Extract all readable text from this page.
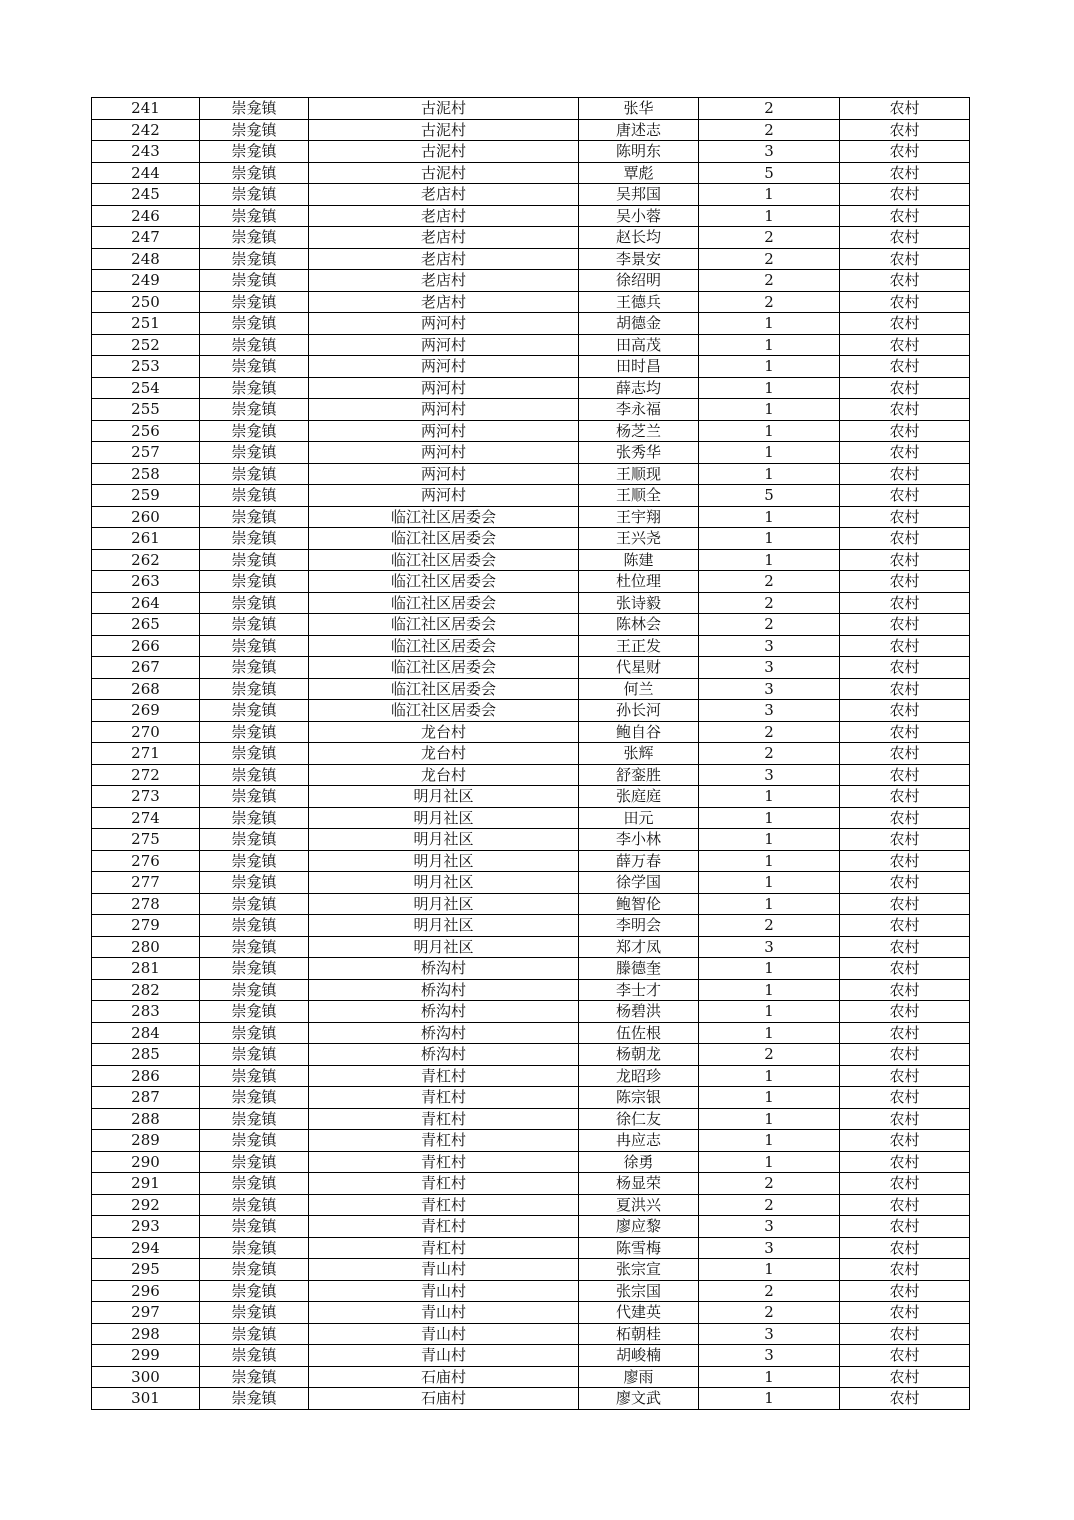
241	崇龛镇	古泥村	张华	2	农村
242	崇龛镇	古泥村	唐述志	2	农村
243	崇龛镇	古泥村	陈明东	3	农村
244	崇龛镇	古泥村	覃彪	5	农村
245	崇龛镇	老店村	吴邦国	1	农村
246	崇龛镇	老店村	吴小蓉	1	农村
247	崇龛镇	老店村	赵长均	2	农村
248	崇龛镇	老店村	李景安	2	农村
249	崇龛镇	老店村	徐绍明	2	农村
250	崇龛镇	老店村	王德兵	2	农村
251	崇龛镇	两河村	胡德金	1	农村
252	崇龛镇	两河村	田高茂	1	农村
253	崇龛镇	两河村	田时昌	1	农村
254	崇龛镇	两河村	薛志均	1	农村
255	崇龛镇	两河村	李永福	1	农村
256	崇龛镇	两河村	杨芝兰	1	农村
257	崇龛镇	两河村	张秀华	1	农村
258	崇龛镇	两河村	王顺现	1	农村
259	崇龛镇	两河村	王顺全	5	农村
260	崇龛镇	临江社区居委会	王宇翔	1	农村
261	崇龛镇	临江社区居委会	王兴尧	1	农村
262	崇龛镇	临江社区居委会	陈建	1	农村
263	崇龛镇	临江社区居委会	杜位理	2	农村
264	崇龛镇	临江社区居委会	张诗毅	2	农村
265	崇龛镇	临江社区居委会	陈林会	2	农村
266	崇龛镇	临江社区居委会	王正发	3	农村
267	崇龛镇	临江社区居委会	代星财	3	农村
268	崇龛镇	临江社区居委会	何兰	3	农村
269	崇龛镇	临江社区居委会	孙长河	3	农村
270	崇龛镇	龙台村	鲍自谷	2	农村
271	崇龛镇	龙台村	张辉	2	农村
272	崇龛镇	龙台村	舒銮胜	3	农村
273	崇龛镇	明月社区	张庭庭	1	农村
274	崇龛镇	明月社区	田元	1	农村
275	崇龛镇	明月社区	李小林	1	农村
276	崇龛镇	明月社区	薛万春	1	农村
277	崇龛镇	明月社区	徐学国	1	农村
278	崇龛镇	明月社区	鲍智伦	1	农村
279	崇龛镇	明月社区	李明会	2	农村
280	崇龛镇	明月社区	郑才凤	3	农村
281	崇龛镇	桥沟村	滕德奎	1	农村
282	崇龛镇	桥沟村	李士才	1	农村
283	崇龛镇	桥沟村	杨碧洪	1	农村
284	崇龛镇	桥沟村	伍佐根	1	农村
285	崇龛镇	桥沟村	杨朝龙	2	农村
286	崇龛镇	青杠村	龙昭珍	1	农村
287	崇龛镇	青杠村	陈宗银	1	农村
288	崇龛镇	青杠村	徐仁友	1	农村
289	崇龛镇	青杠村	冉应志	1	农村
290	崇龛镇	青杠村	徐勇	1	农村
291	崇龛镇	青杠村	杨显荣	2	农村
292	崇龛镇	青杠村	夏洪兴	2	农村
293	崇龛镇	青杠村	廖应黎	3	农村
294	崇龛镇	青杠村	陈雪梅	3	农村
295	崇龛镇	青山村	张宗宣	1	农村
296	崇龛镇	青山村	张宗国	2	农村
297	崇龛镇	青山村	代建英	2	农村
298	崇龛镇	青山村	柘朝桂	3	农村
299	崇龛镇	青山村	胡峻楠	3	农村
300	崇龛镇	石庙村	廖雨	1	农村
301	崇龛镇	石庙村	廖文武	1	农村
